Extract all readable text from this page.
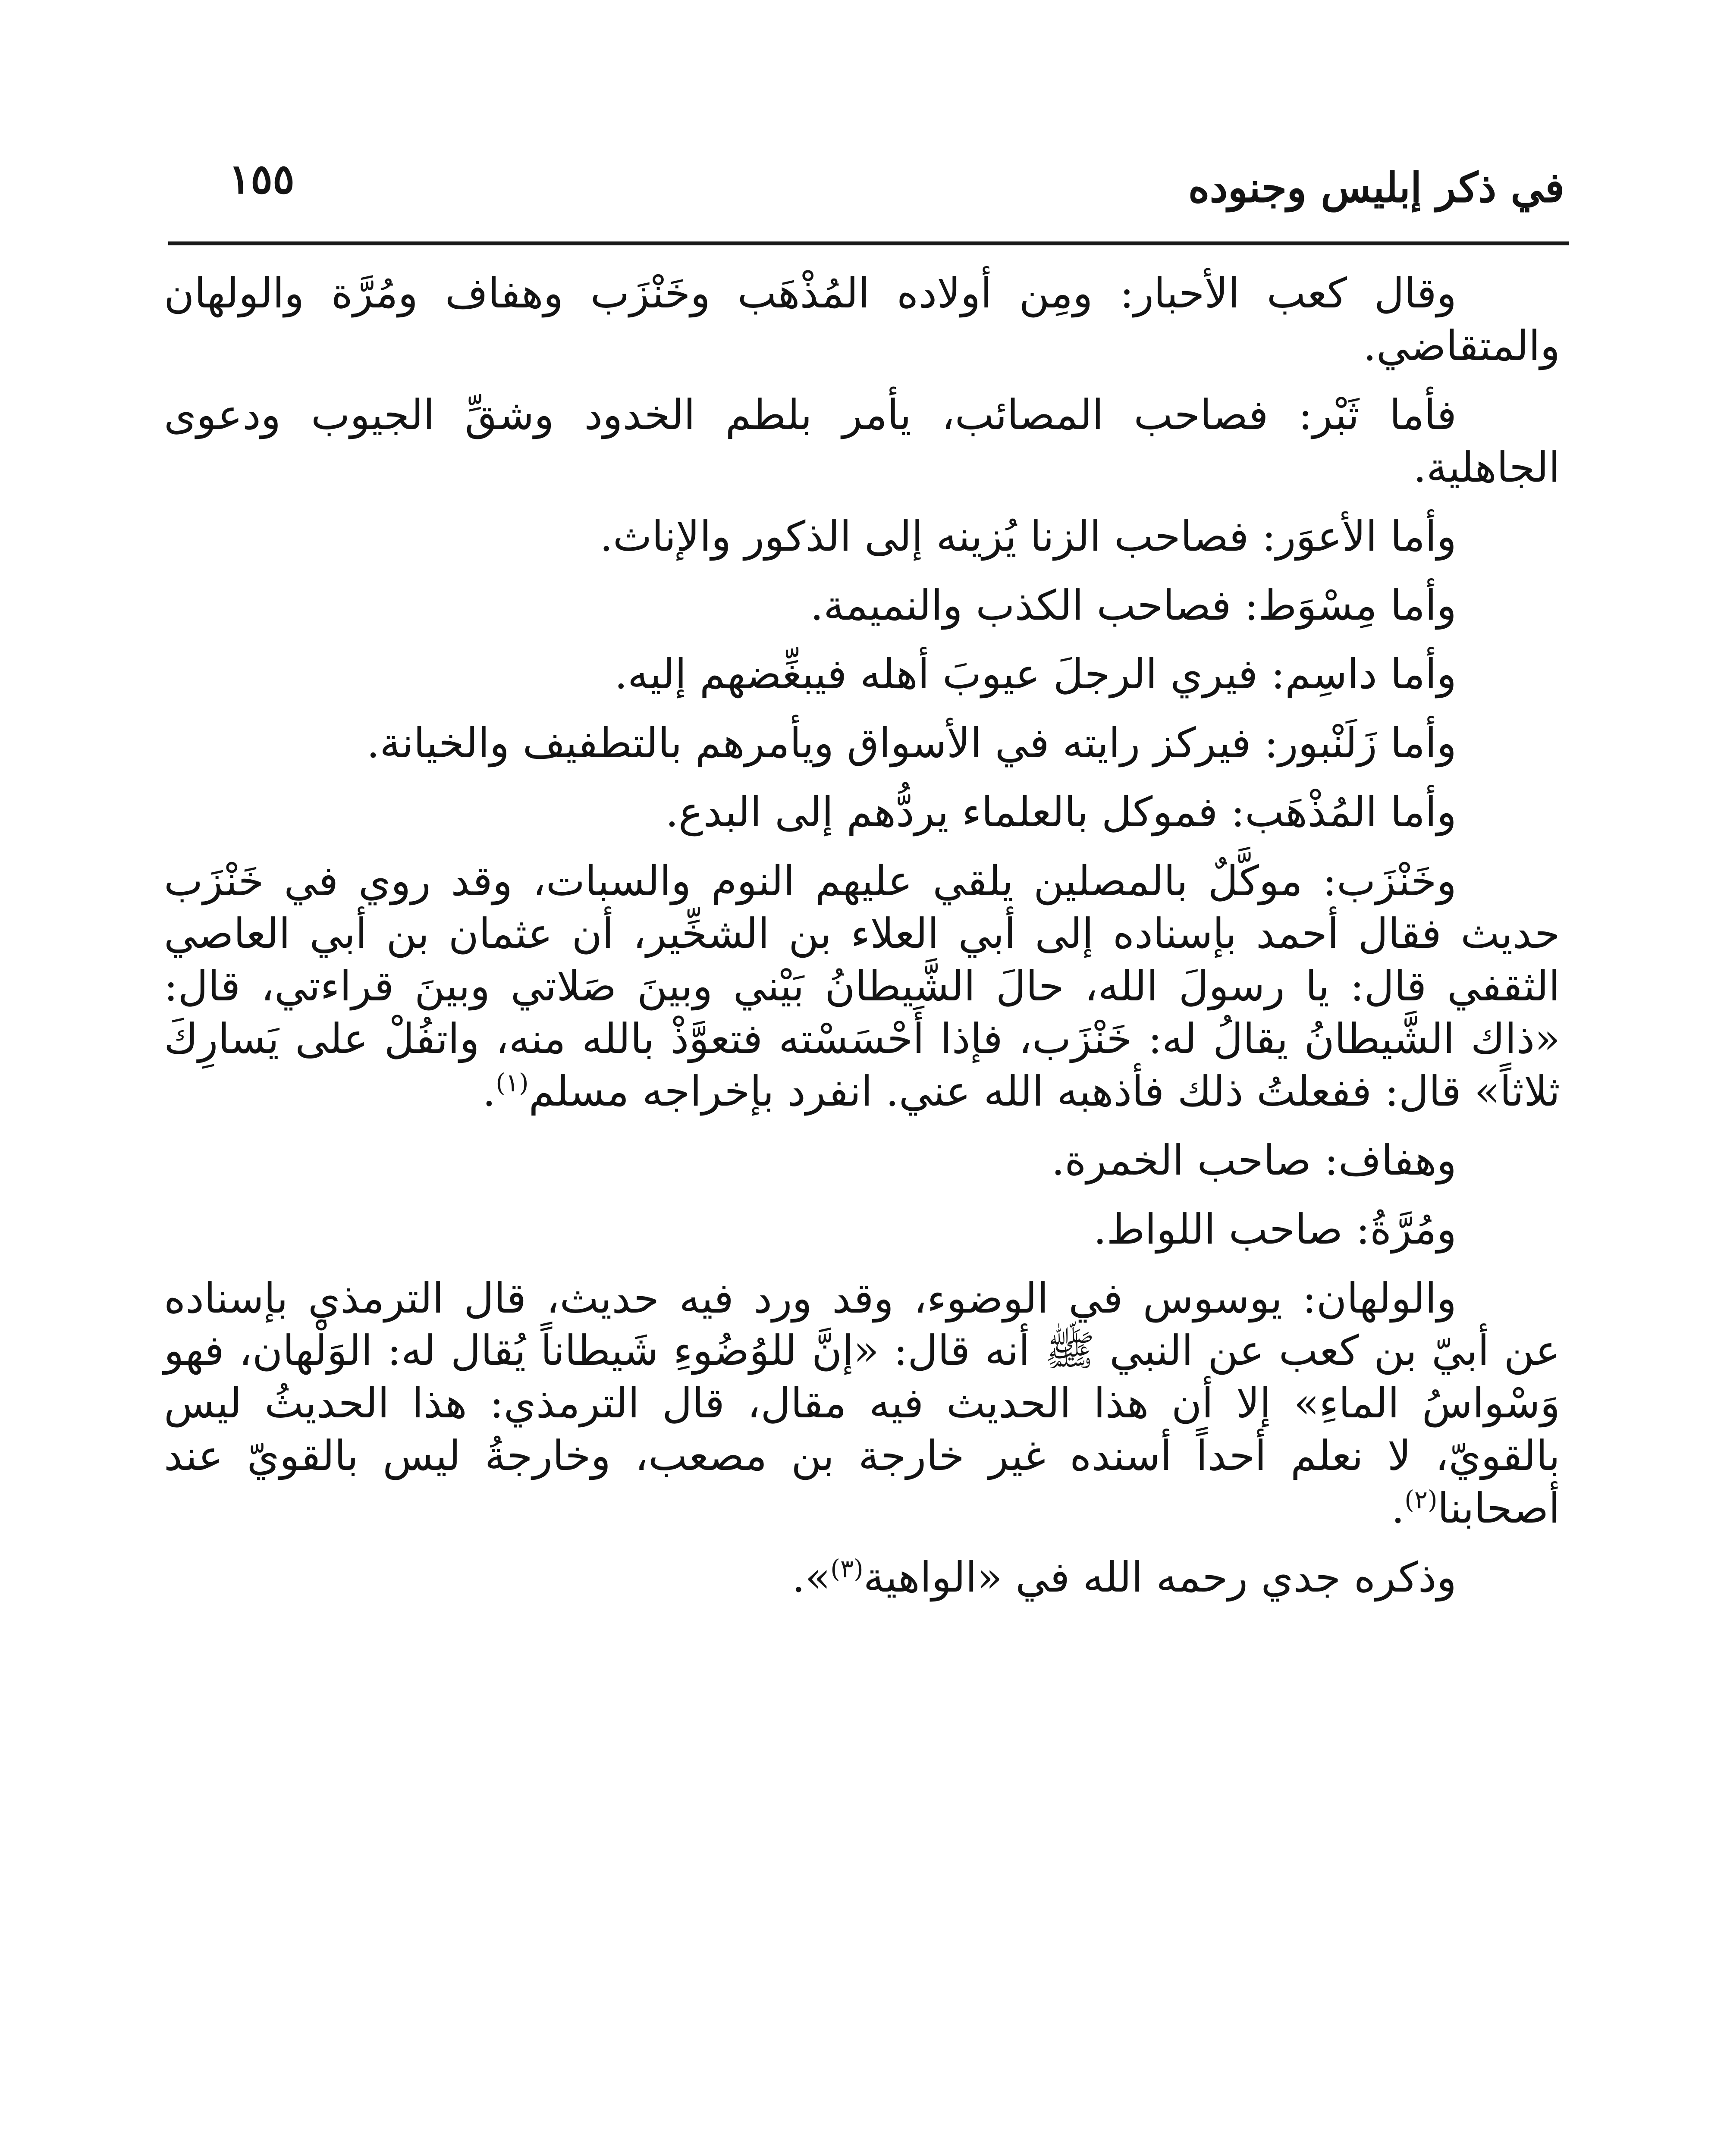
في ذكر إبليس وجنوده
١٥٥

وقال كعب الأحبار: ومِن أولاده المُذْهَب وخَنْزَب وهفاف ومُرَّة والولهان والمتقاضي.

فأما ثَبْر: فصاحب المصائب، يأمر بلطم الخدود وشقِّ الجيوب ودعوى الجاهلية.

وأما الأعوَر: فصاحب الزنا يُزينه إلى الذكور والإناث.

وأما مِسْوَط: فصاحب الكذب والنميمة.

وأما داسِم: فيري الرجلَ عيوبَ أهله فيبغِّضهم إليه.

وأما زَلَنْبور: فيركز رايته في الأسواق ويأمرهم بالتطفيف والخيانة.

وأما المُذْهَب: فموكل بالعلماء يردُّهم إلى البدع.

وخَنْزَب: موكَّلٌ بالمصلين يلقي عليهم النوم والسبات، وقد روي في خَنْزَب حديث فقال أحمد بإسناده إلى أبي العلاء بن الشخِّير، أن عثمان بن أبي العاصي الثقفي قال: يا رسولَ الله، حالَ الشَّيطانُ بَيْني وبينَ صَلاتي وبينَ قراءتي، قال: «ذاك الشَّيطانُ يقالُ له: خَنْزَب، فإذا أَحْسَسْته فتعوَّذْ بالله منه، واتفُلْ على يَسارِكَ ثلاثاً» قال: ففعلتُ ذلك فأذهبه الله عني. انفرد بإخراجه مسلم$^{(١)}$.

وهفاف: صاحب الخمرة.

ومُرَّةُ: صاحب اللواط.

والولهان: يوسوس في الوضوء، وقد ورد فيه حديث، قال الترمذي بإسناده عن أبيّ بن كعب عن النبي ﷺ أنه قال: «إنَّ للوُضُوءِ شَيطاناً يُقال له: الوَلْهان، فهو وَسْواسُ الماءِ» إلا أن هذا الحديث فيه مقال، قال الترمذي: هذا الحديثُ ليس بالقويّ، لا نعلم أحداً أسنده غير خارجة بن مصعب، وخارجةُ ليس بالقويّ عند أصحابنا$^{(٢)}$.

وذكره جدي رحمه الله في «الواهية$^{(٣)}$».
